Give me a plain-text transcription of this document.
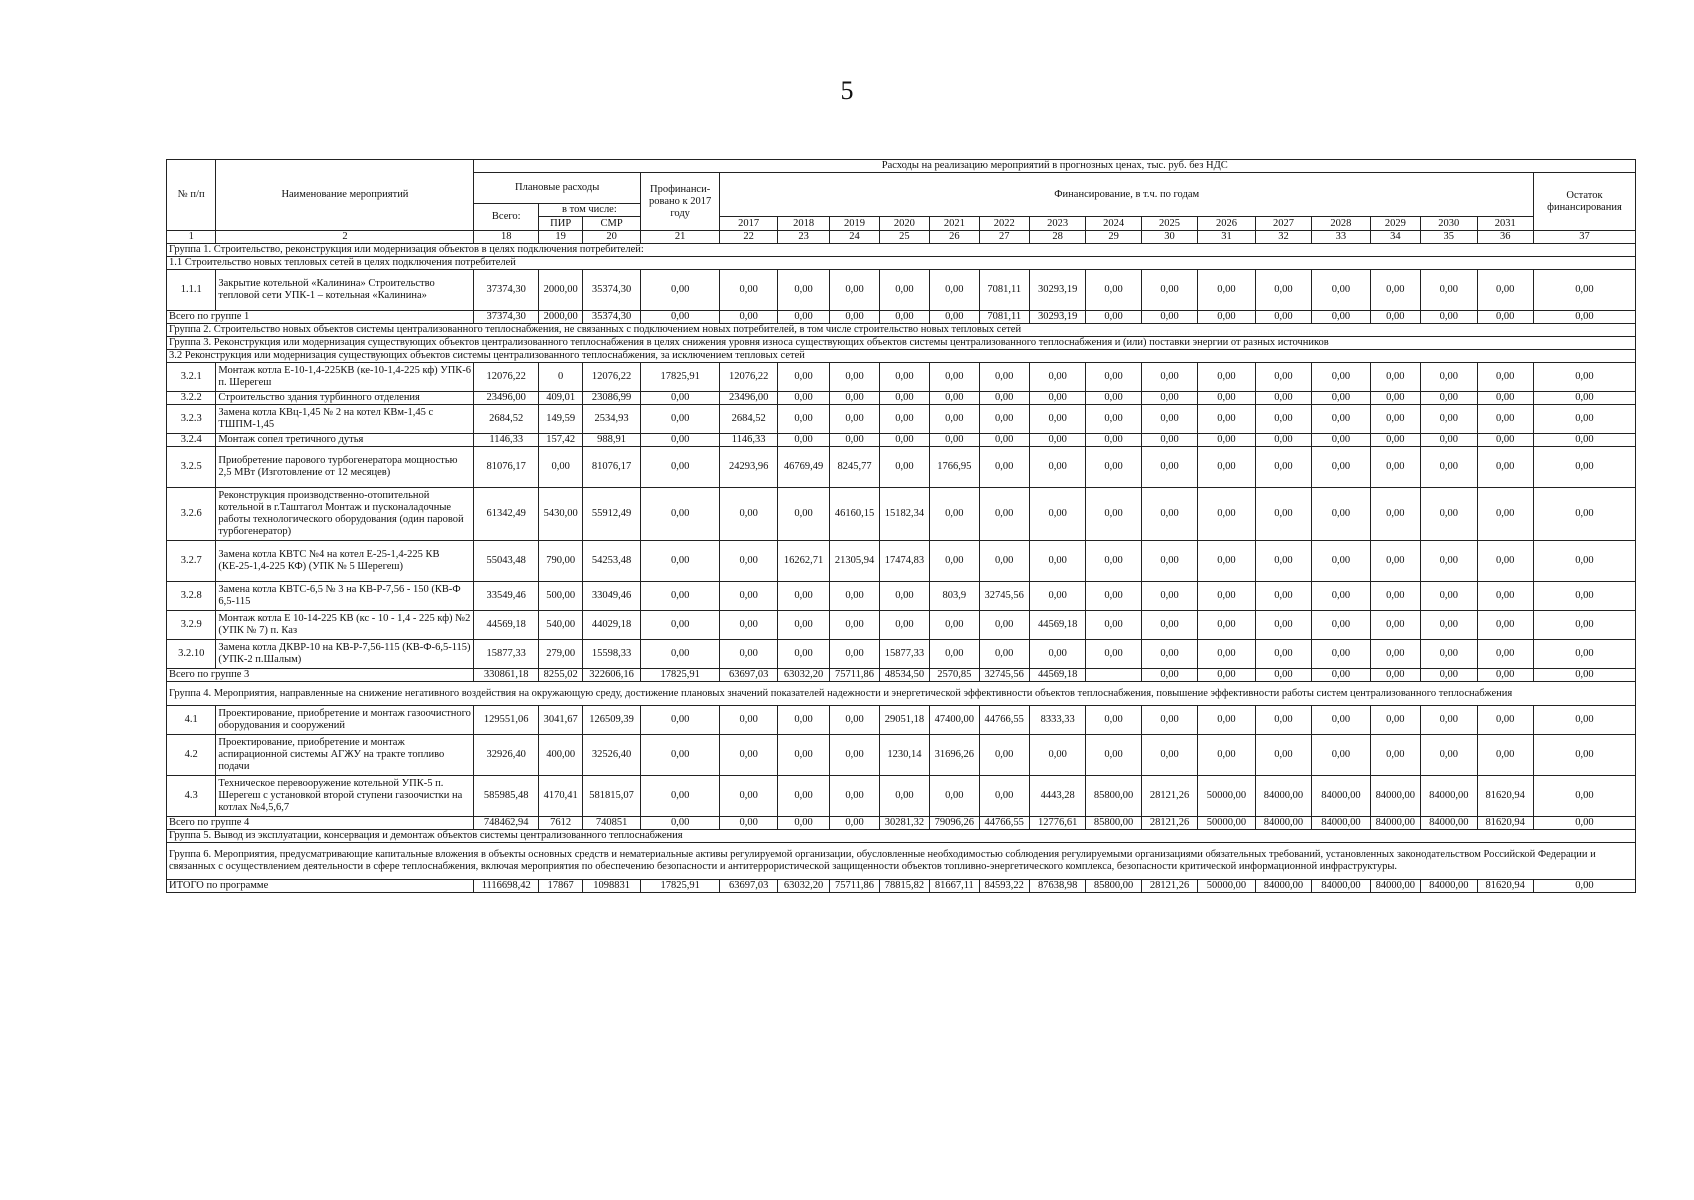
5
№ п/п	Наименование мероприятий	Расходы на реализацию мероприятий в прогнозных ценах, тыс. руб. без НДС																			
		Плановые расходы			Профинанси-ровано к 2017 году	Финансирование, в т.ч. по годам															Остаток финансирования
		Всего:	в том числе:																		
			ПИР	СМР		2017	2018	2019	2020	2021	2022	2023	2024	2025	2026	2027	2028	2029	2030	2031	
1	2	18	19	20	21	22	23	24	25	26	27	28	29	30	31	32	33	34	35	36	37
Группа 1. Строительство, реконструкция или модернизация объектов в целях подключения потребителей:																					
1.1 Строительство новых тепловых сетей в целях подключения потребителей																					
1.1.1	Закрытие котельной «Калинина» Строительство тепловой сети УПК-1 – котельная «Калинина»	37374,30	2000,00	35374,30	0,00	0,00	0,00	0,00	0,00	0,00	7081,11	30293,19	0,00	0,00	0,00	0,00	0,00	0,00	0,00	0,00	0,00
Всего по группе 1		37374,30	2000,00	35374,30	0,00	0,00	0,00	0,00	0,00	0,00	7081,11	30293,19	0,00	0,00	0,00	0,00	0,00	0,00	0,00	0,00	0,00
Группа 2. Строительство новых объектов системы централизованного теплоснабжения, не связанных с подключением новых потребителей, в том числе строительство новых тепловых сетей																					
Группа 3. Реконструкция или модернизация существующих объектов централизованного теплоснабжения в целях снижения уровня износа существующих объектов системы централизованного теплоснабжения и (или) поставки энергии от разных источников																					
3.2 Реконструкция или модернизация существующих объектов системы централизованного теплоснабжения, за исключением тепловых сетей																					
3.2.1	Монтаж котла Е-10-1,4-225КВ (ке-10-1,4-225 кф) УПК-6 п. Шерегеш	12076,22	0	12076,22	17825,91	12076,22	0,00	0,00	0,00	0,00	0,00	0,00	0,00	0,00	0,00	0,00	0,00	0,00	0,00	0,00	0,00
3.2.2	Строительство здания турбинного отделения	23496,00	409,01	23086,99	0,00	23496,00	0,00	0,00	0,00	0,00	0,00	0,00	0,00	0,00	0,00	0,00	0,00	0,00	0,00	0,00	0,00
3.2.3	Замена котла КВц-1,45 № 2 на котел КВм-1,45 с ТШПМ-1,45	2684,52	149,59	2534,93	0,00	2684,52	0,00	0,00	0,00	0,00	0,00	0,00	0,00	0,00	0,00	0,00	0,00	0,00	0,00	0,00	0,00
3.2.4	Монтаж сопел третичного дутья	1146,33	157,42	988,91	0,00	1146,33	0,00	0,00	0,00	0,00	0,00	0,00	0,00	0,00	0,00	0,00	0,00	0,00	0,00	0,00	0,00
3.2.5	Приобретение парового турбогенератора мощностью 2,5 МВт (Изготовление от 12 месяцев)	81076,17	0,00	81076,17	0,00	24293,96	46769,49	8245,77	0,00	1766,95	0,00	0,00	0,00	0,00	0,00	0,00	0,00	0,00	0,00	0,00	0,00
3.2.6	Реконструкция производственно-отопительной котельной в г.Таштагол Монтаж и пусконаладочные работы технологического оборудования (один паровой турбогенератор)	61342,49	5430,00	55912,49	0,00	0,00	0,00	46160,15	15182,34	0,00	0,00	0,00	0,00	0,00	0,00	0,00	0,00	0,00	0,00	0,00	0,00
3.2.7	Замена котла КВТС №4 на котел Е-25-1,4-225 КВ (КЕ-25-1,4-225 КФ) (УПК № 5 Шерегеш)	55043,48	790,00	54253,48	0,00	0,00	16262,71	21305,94	17474,83	0,00	0,00	0,00	0,00	0,00	0,00	0,00	0,00	0,00	0,00	0,00	0,00
3.2.8	Замена котла КВТС-6,5 № 3 на КВ-Р-7,56 - 150 (КВ-Ф 6,5-115	33549,46	500,00	33049,46	0,00	0,00	0,00	0,00	0,00	803,9	32745,56	0,00	0,00	0,00	0,00	0,00	0,00	0,00	0,00	0,00	0,00
3.2.9	Монтаж котла Е 10-14-225 КВ (кс - 10 - 1,4 - 225 кф) №2 (УПК № 7) п. Каз	44569,18	540,00	44029,18	0,00	0,00	0,00	0,00	0,00	0,00	0,00	44569,18	0,00	0,00	0,00	0,00	0,00	0,00	0,00	0,00	0,00
3.2.10	Замена котла ДКВР-10 на КВ-Р-7,56-115 (КВ-Ф-6,5-115) (УПК-2 п.Шалым)	15877,33	279,00	15598,33	0,00	0,00	0,00	0,00	15877,33	0,00	0,00	0,00	0,00	0,00	0,00	0,00	0,00	0,00	0,00	0,00	0,00
Всего по группе 3		330861,18	8255,02	322606,16	17825,91	63697,03	63032,20	75711,86	48534,50	2570,85	32745,56	44569,18		0,00	0,00	0,00	0,00	0,00	0,00	0,00	0,00
Группа 4. Мероприятия, направленные на снижение негативного воздействия на окружающую среду, достижение плановых значений показателей надежности и энергетической эффективности объектов теплоснабжения, повышение эффективности работы систем централизованного теплоснабжения																					
4.1	Проектирование, приобретение и монтаж газоочистного оборудования и сооружений	129551,06	3041,67	126509,39	0,00	0,00	0,00	0,00	29051,18	47400,00	44766,55	8333,33	0,00	0,00	0,00	0,00	0,00	0,00	0,00	0,00	0,00
4.2	Проектирование, приобретение и монтаж аспирационной системы АГЖУ на тракте топливо подачи	32926,40	400,00	32526,40	0,00	0,00	0,00	0,00	1230,14	31696,26	0,00	0,00	0,00	0,00	0,00	0,00	0,00	0,00	0,00	0,00	0,00
4.3	Техническое перевооружение котельной УПК-5 п. Шерегеш с установкой второй ступени газоочистки на котлах №4,5,6,7	585985,48	4170,41	581815,07	0,00	0,00	0,00	0,00	0,00	0,00	0,00	4443,28	85800,00	28121,26	50000,00	84000,00	84000,00	84000,00	84000,00	81620,94	0,00
Всего по группе 4		748462,94	7612	740851	0,00	0,00	0,00	0,00	30281,32	79096,26	44766,55	12776,61	85800,00	28121,26	50000,00	84000,00	84000,00	84000,00	84000,00	81620,94	0,00
Группа 5. Вывод из эксплуатации, консервация и демонтаж объектов системы централизованного теплоснабжения																					
Группа 6. Мероприятия, предусматривающие капитальные вложения в объекты основных средств и нематериальные активы регулируемой организации, обусловленные необходимостью соблюдения регулируемыми организациями обязательных требований, установленных законодательством Российской Федерации и связанных с осуществлением деятельности в сфере теплоснабжения, включая мероприятия по обеспечению безопасности и антитеррористической защищенности объектов топливно-энергетического комплекса, безопасности критической информационной инфраструктуры.																					
ИТОГО по программе		1116698,42	17867	1098831	17825,91	63697,03	63032,20	75711,86	78815,82	81667,11	84593,22	87638,98	85800,00	28121,26	50000,00	84000,00	84000,00	84000,00	84000,00	81620,94	0,00
